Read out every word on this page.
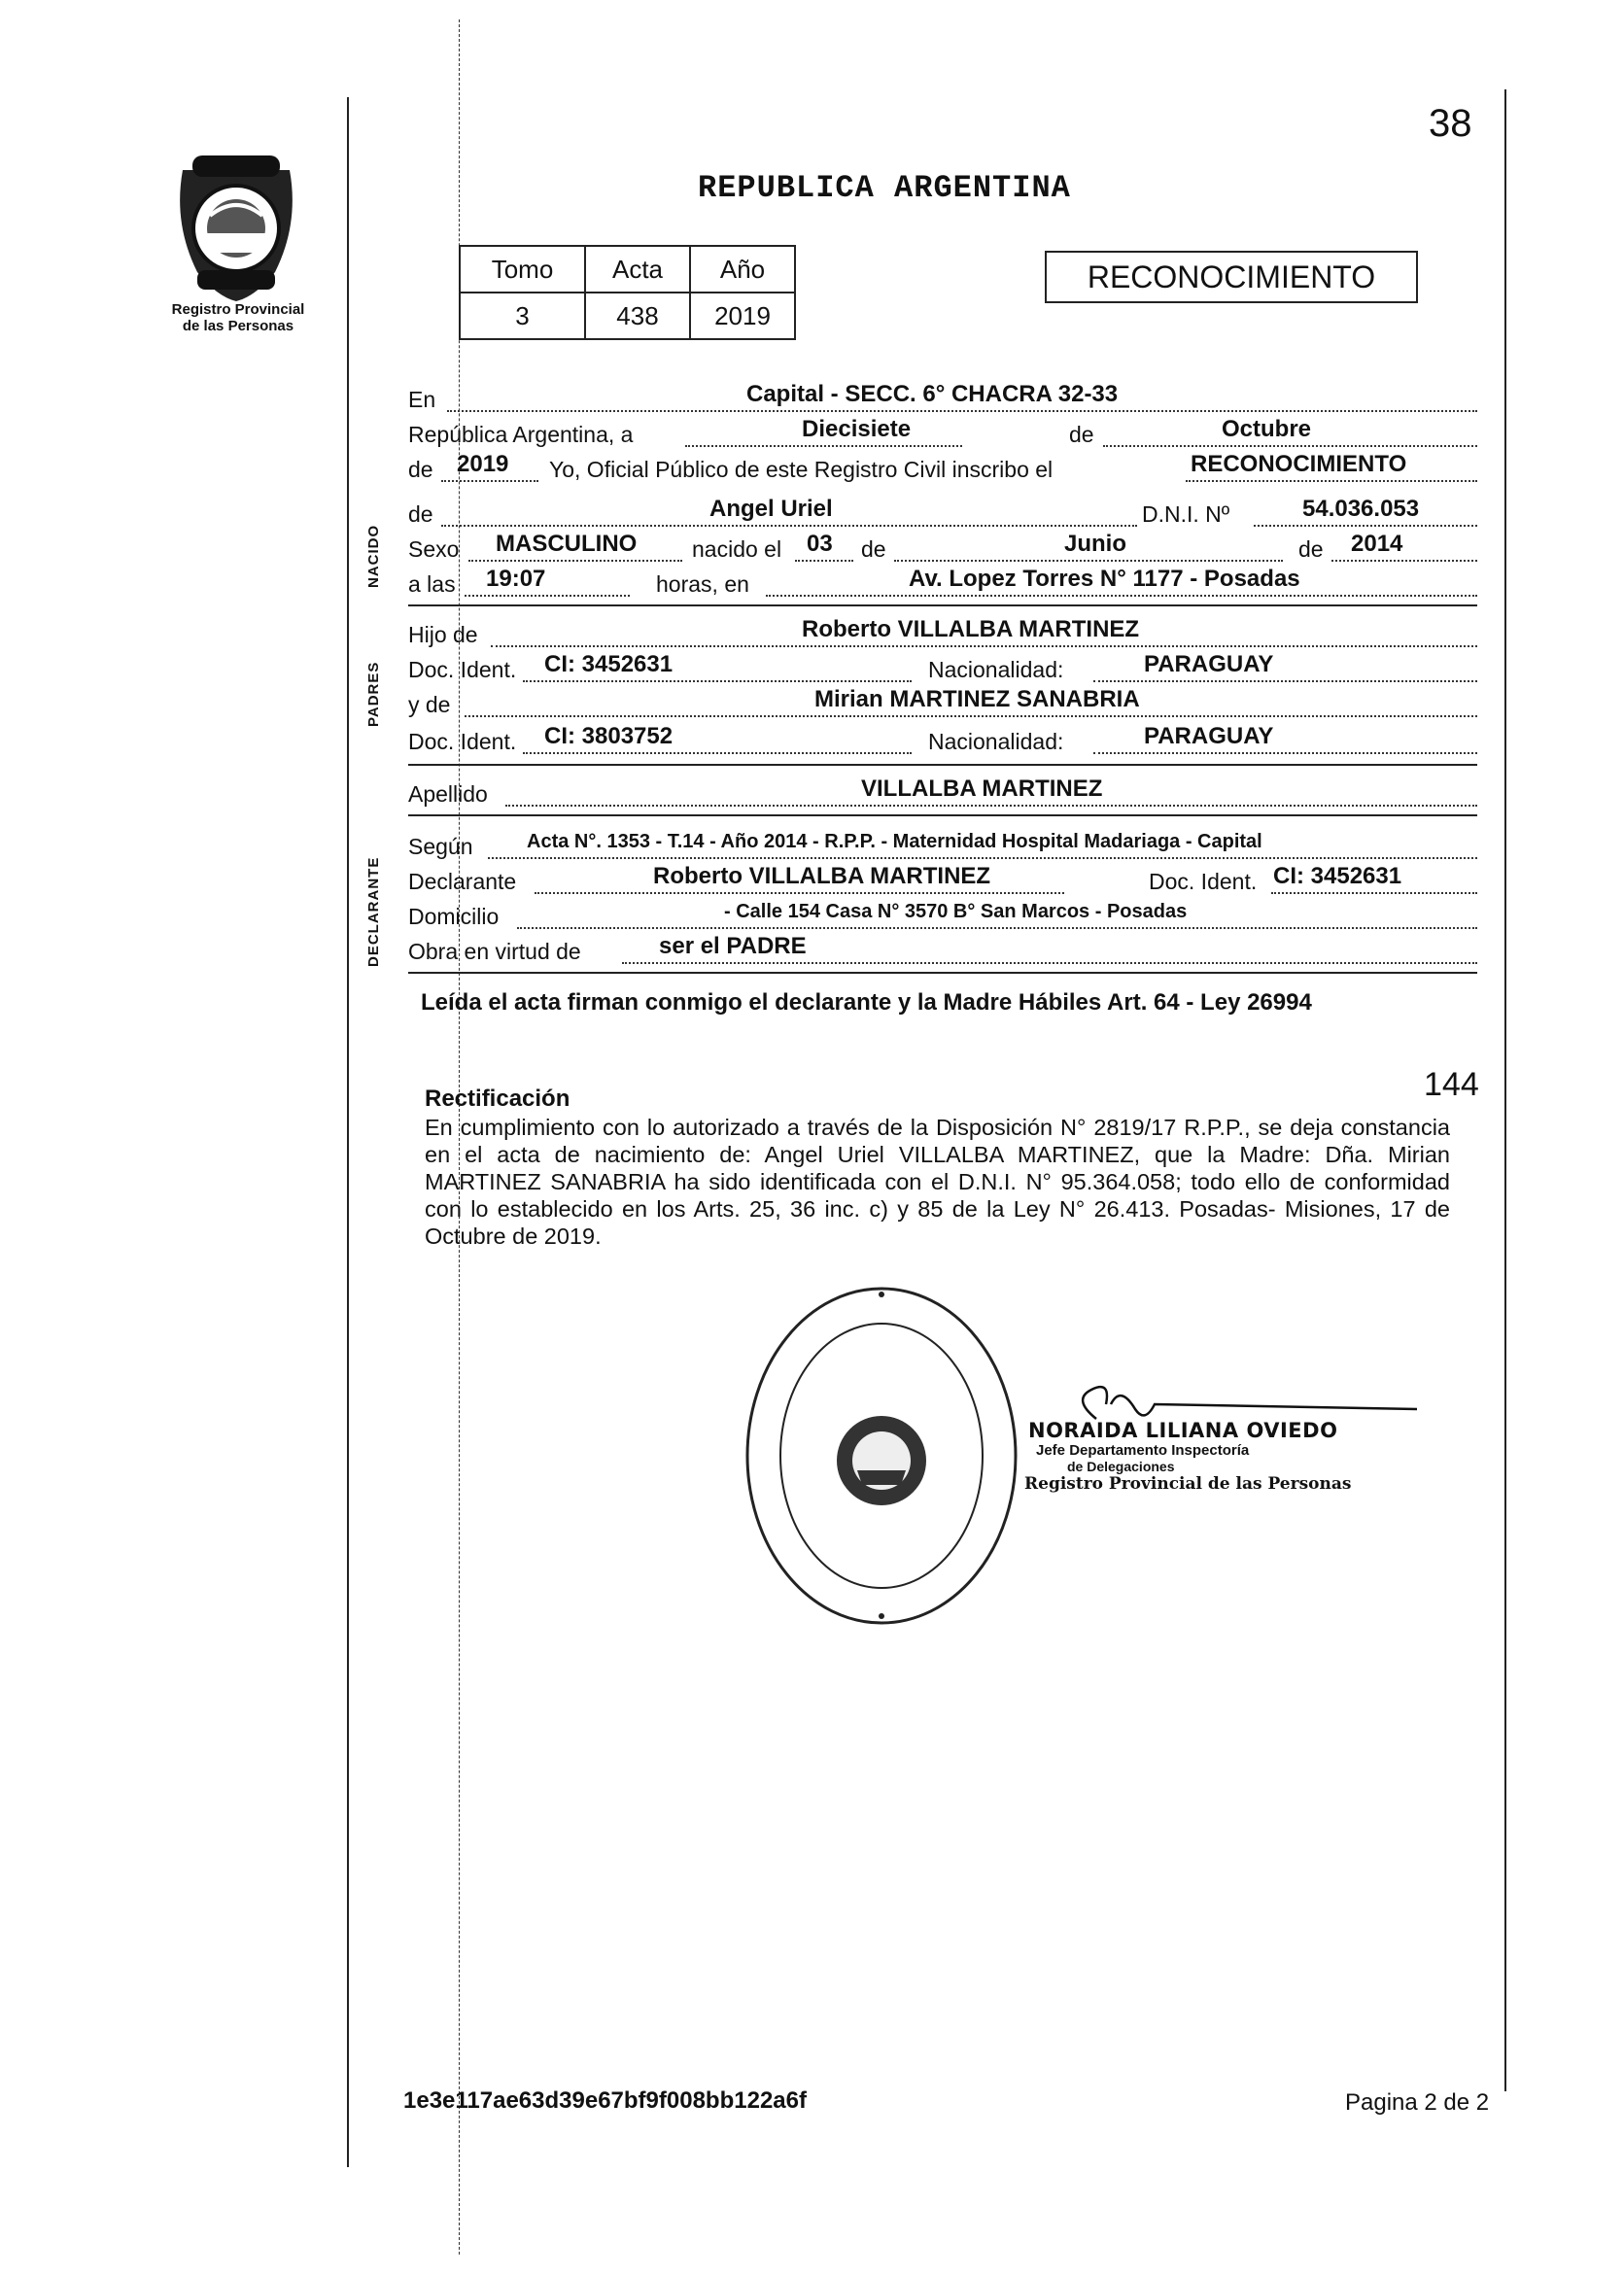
Registro Provincial
de las Personas
38
REPUBLICA ARGENTINA
Tomo	Acta	Año
3	438	2019
RECONOCIMIENTO
NACIDO
PADRES
DECLARANTE
En	Capital - SECC. 6° CHACRA 32-33
República Argentina, a	Diecisiete	de	Octubre
de 2019 Yo, Oficial Público de este Registro Civil inscribo el	RECONOCIMIENTO
de	Angel Uriel	D.N.I. Nº	54.036.053
Sexo MASCULINO nacido el 03 de	Junio	de 2014
a las 19:07	horas, en	Av. Lopez Torres N° 1177 - Posadas
Hijo de	Roberto VILLALBA MARTINEZ
Doc. Ident. CI: 3452631	Nacionalidad:	PARAGUAY
y de	Mirian MARTINEZ SANABRIA
Doc. Ident. CI: 3803752	Nacionalidad:	PARAGUAY
Apellido	VILLALBA MARTINEZ
Según	Acta N°. 1353 - T.14 - Año 2014 - R.P.P. - Maternidad Hospital Madariaga - Capital
Declarante	Roberto VILLALBA MARTINEZ	Doc. Ident. CI: 3452631
Domicilio	- Calle 154 Casa N° 3570 B° San Marcos - Posadas
Obra en virtud de	ser el PADRE
Leída el acta firman conmigo el declarante y la Madre Hábiles Art. 64 - Ley 26994
144
Rectificación
En cumplimiento con lo autorizado a través de la Disposición N° 2819/17 R.P.P., se deja constancia en el acta de nacimiento de: Angel Uriel VILLALBA MARTINEZ, que la Madre: Dña. Mirian MARTINEZ SANABRIA ha sido identificada con el D.N.I. N° 95.364.058; todo ello de conformidad con lo establecido en los Arts. 25, 36 inc. c) y 85 de la Ley N° 26.413. Posadas- Misiones, 17 de Octubre de 2019.
NORAIDA LILIANA OVIEDO
Jefe Departamento Inspectoría
de Delegaciones
Registro Provincial de las Personas
1e3e117ae63d39e67bf9f008bb122a6f	Pagina 2 de 2
